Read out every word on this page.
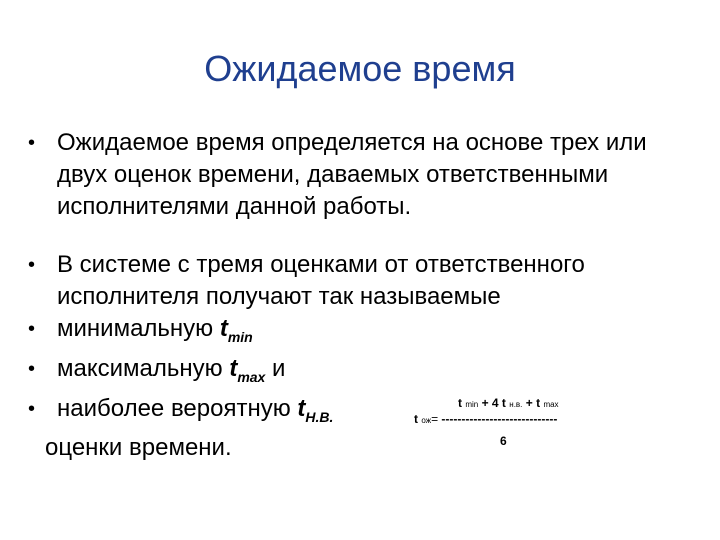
Ожидаемое время
• Ожидаемое время определяется на основе трех или двух оценок времени, даваемых ответственными исполнителями данной работы.
• В системе с тремя оценками от ответственного исполнителя получают так называемые
• минимальную $t_{min}$
• максимальную $t_{max}$ и
• наиболее вероятную $t_{Н.В.}$
оценки времени.
t min + 4 t н.в. + t max
t ож= -----------------------------
6
